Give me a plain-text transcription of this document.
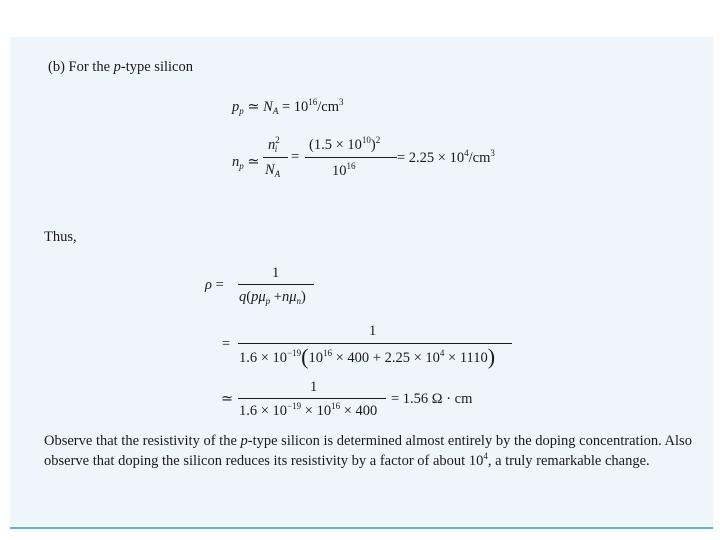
(b) For the p-type silicon
$p_p$ ≃ $N_A = 10^{16}/cm^3$
$n_p$ ≃
$n^2_i$
$N_A$
=
$(1.5 \times 10^{10})^2$
$10^{16}$	= $2.25 \times 10^4/cm^3$
Thus,
ρ =
1
$q(p\mu_p +n\mu_n)$
=
1
$1.6 \times 10^{-19}(10^{16} \times 400 + 2.25 \times 10^4 \times 1110)$
≃
1
$1.6 \times 10^{-19} \times 10^{16} \times 400$
= 1.56 Ω · cm
Observe that the resistivity of the p-type silicon is determined almost entirely by the doping concentration. Also observe that doping the silicon reduces its resistivity by a factor of about $10^4$, a truly remarkable change.
